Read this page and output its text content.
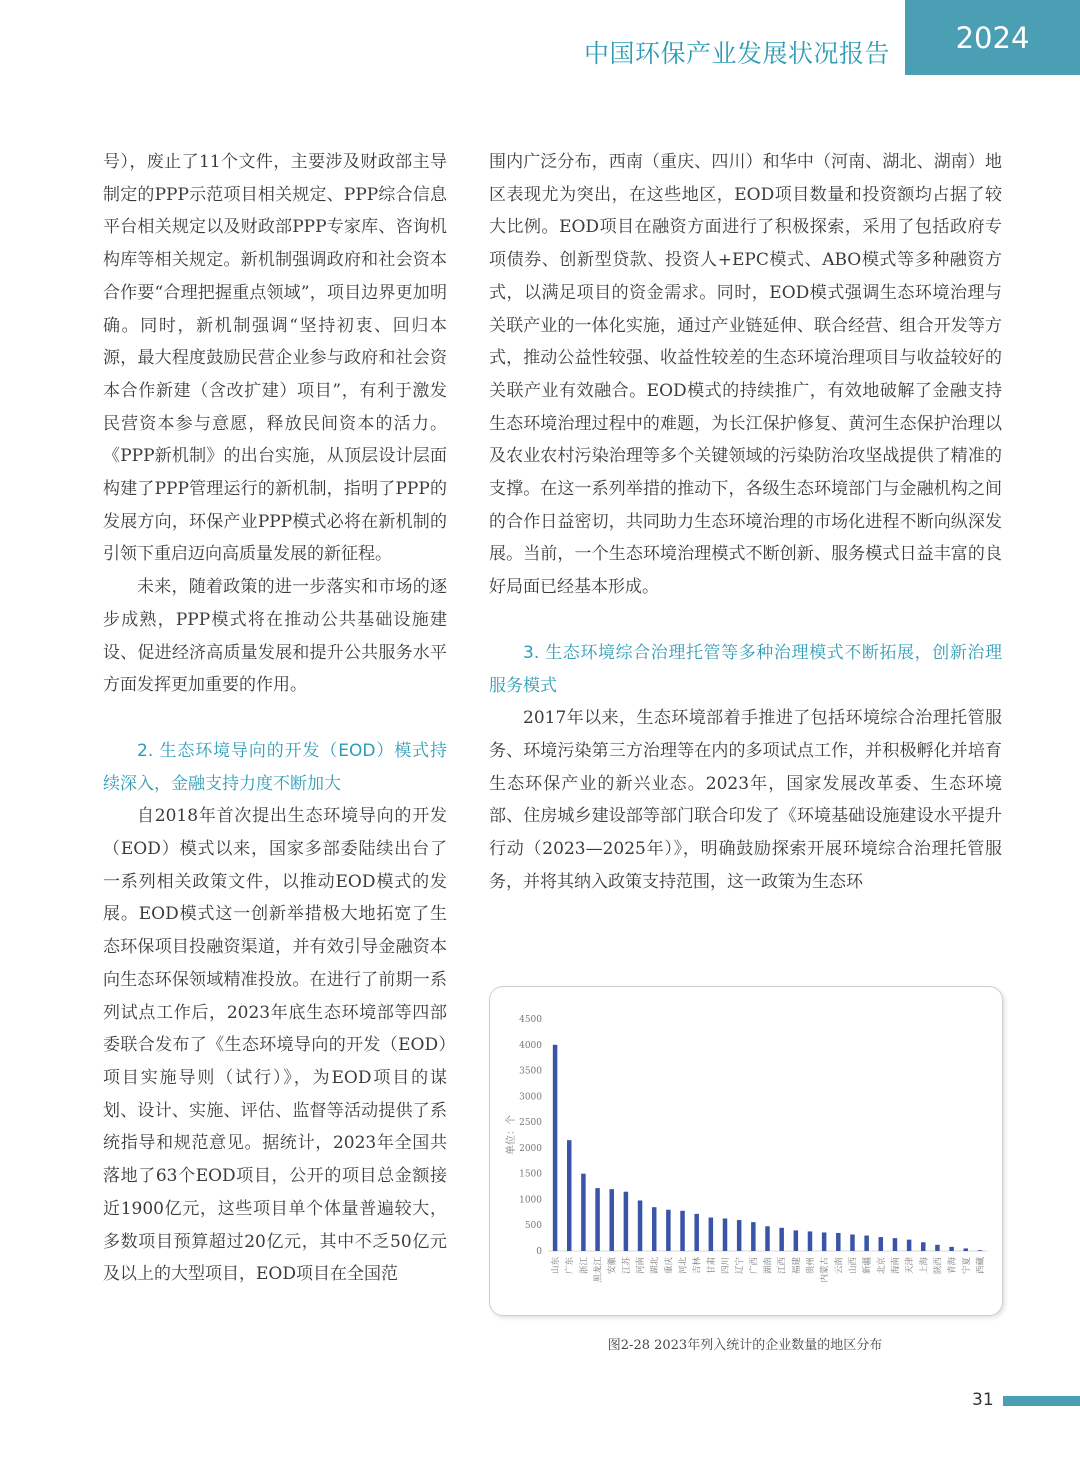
中国环保产业发展状况报告	2024

号），废止了11个文件，主要涉及财政部主导制定的PPP示范项目相关规定、PPP综合信息平台相关规定以及财政部PPP专家库、咨询机构库等相关规定。新机制强调政府和社会资本合作要“合理把握重点领域”，项目边界更加明确。同时，新机制强调“坚持初衷、回归本源，最大程度鼓励民营企业参与政府和社会资本合作新建（含改扩建）项目”，有利于激发民营资本参与意愿，释放民间资本的活力。《PPP新机制》的出台实施，从顶层设计层面构建了PPP管理运行的新机制，指明了PPP的发展方向，环保产业PPP模式必将在新机制的引领下重启迈向高质量发展的新征程。

未来，随着政策的进一步落实和市场的逐步成熟，PPP模式将在推动公共基础设施建设、促进经济高质量发展和提升公共服务水平方面发挥更加重要的作用。

2. 生态环境导向的开发（EOD）模式持续深入，金融支持力度不断加大

自2018年首次提出生态环境导向的开发（EOD）模式以来，国家多部委陆续出台了一系列相关政策文件，以推动EOD模式的发展。EOD模式这一创新举措极大地拓宽了生态环保项目投融资渠道，并有效引导金融资本向生态环保领域精准投放。在进行了前期一系列试点工作后，2023年底生态环境部等四部委联合发布了《生态环境导向的开发（EOD）项目实施导则（试行）》，为EOD项目的谋划、设计、实施、评估、监督等活动提供了系统指导和规范意见。据统计，2023年全国共落地了63个EOD项目，公开的项目总金额接近1900亿元，这些项目单个体量普遍较大，多数项目预算超过20亿元，其中不乏50亿元及以上的大型项目，EOD项目在全国范

围内广泛分布，西南（重庆、四川）和华中（河南、湖北、湖南）地区表现尤为突出，在这些地区，EOD项目数量和投资额均占据了较大比例。EOD项目在融资方面进行了积极探索，采用了包括政府专项债券、创新型贷款、投资人+EPC模式、ABO模式等多种融资方式，以满足项目的资金需求。同时，EOD模式强调生态环境治理与关联产业的一体化实施，通过产业链延伸、联合经营、组合开发等方式，推动公益性较强、收益性较差的生态环境治理项目与收益较好的关联产业有效融合。EOD模式的持续推广，有效地破解了金融支持生态环境治理过程中的难题，为长江保护修复、黄河生态保护治理以及农业农村污染治理等多个关键领域的污染防治攻坚战提供了精准的支撑。在这一系列举措的推动下，各级生态环境部门与金融机构之间的合作日益密切，共同助力生态环境治理的市场化进程不断向纵深发展。当前，一个生态环境治理模式不断创新、服务模式日益丰富的良好局面已经基本形成。

3. 生态环境综合治理托管等多种治理模式不断拓展，创新治理服务模式

2017年以来，生态环境部着手推进了包括环境综合治理托管服务、环境污染第三方治理等在内的多项试点工作，并积极孵化并培育生态环保产业的新兴业态。2023年，国家发展改革委、生态环境部、住房城乡建设部等部门联合印发了《环境基础设施建设水平提升行动（2023—2025年）》，明确鼓励探索开展环境综合治理托管服务，并将其纳入政策支持范围，这一政策为生态环

0
500
1000
1500
2000
2500
3000
3500
4000
4500
山东 广东 浙江 黑龙江 安徽 江苏 河南 湖北 重庆 河北 吉林 甘肃 四川 辽宁 广西 湖南 江西 福建 贵州 内蒙古 云南 山西 新疆 北京 海南 天津 上海 陕西 青海 宁夏 西藏
单位：个
图2-28 2023年列入统计的企业数量的地区分布
31
